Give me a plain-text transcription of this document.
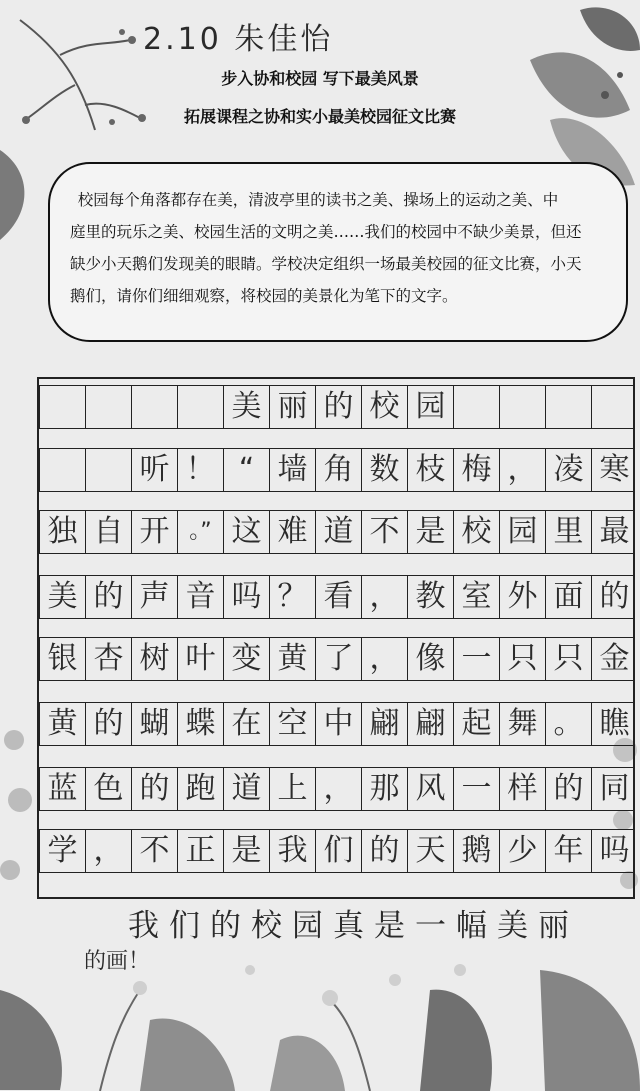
2.10 朱佳怡
步入协和校园 写下最美风景
拓展课程之协和实小最美校园征文比赛
校园每个角落都存在美，清波亭里的读书之美、操场上的运动之美、中
庭里的玩乐之美、校园生活的文明之美……我们的校园中不缺少美景，但还
缺少小天鹅们发现美的眼睛。学校决定组织一场最美校园的征文比赛，小天
鹅们，请你们细细观察，将校园的美景化为笔下的文字。
美 丽 的 校 园
听 ！ “ 墙 角 数 枝 梅 ， 凌 寒
独 自 开 。” 这 难 道 不 是 校 园 里 最
美 的 声 音 吗 ？ 看 ， 教 室 外 面 的
银 杏 树 叶 变 黄 了 ， 像 一 只 只 金
黄 的 蝴 蝶 在 空 中 翩 翩 起 舞 。 瞧
蓝 色 的 跑 道 上 ， 那 风 一 样 的 同
学 ， 不 正 是 我 们 的 天 鹅 少 年 吗
我们的校园真是一幅美丽
的画！
